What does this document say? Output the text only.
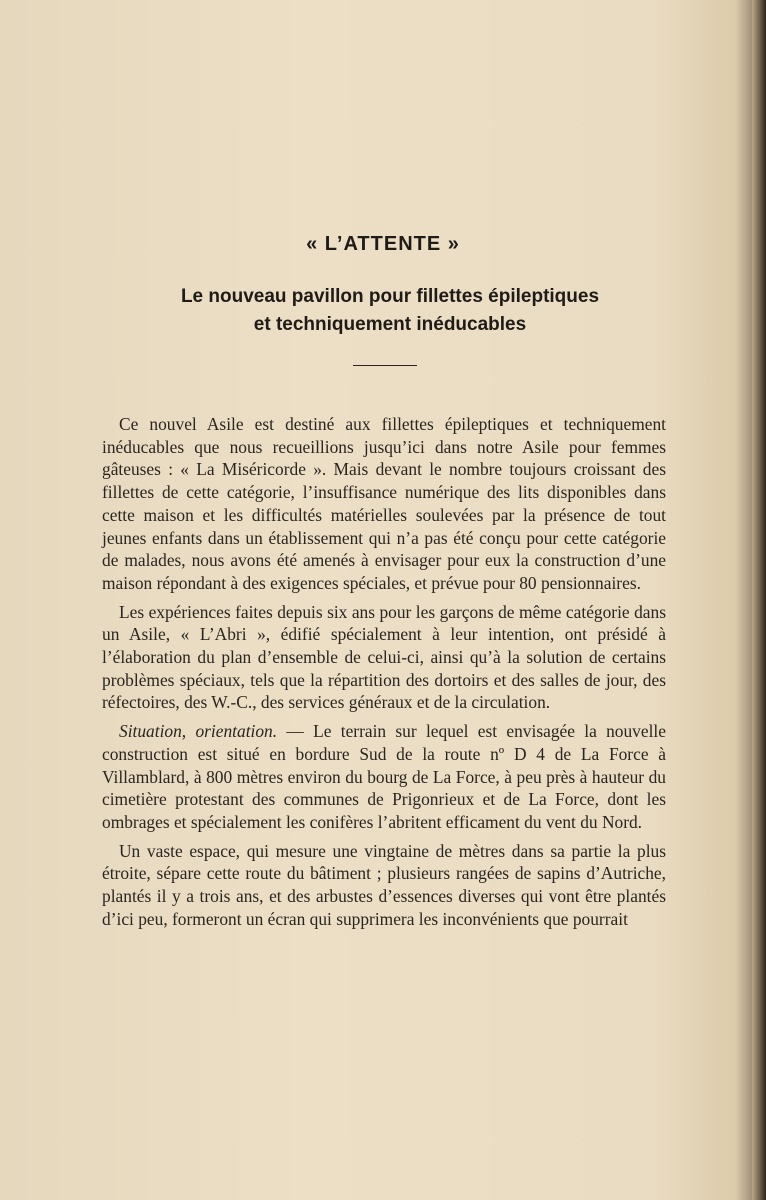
« L’ATTENTE »
Le nouveau pavillon pour fillettes épileptiques
et techniquement inéducables

Ce nouvel Asile est destiné aux fillettes épileptiques et techniquement inéducables que nous recueillions jusqu’ici dans notre Asile pour femmes gâteuses : « La Miséricorde ». Mais devant le nombre toujours croissant des fillettes de cette catégorie, l’insuffisance numérique des lits disponibles dans cette maison et les difficultés matérielles soulevées par la présence de tout jeunes enfants dans un établissement qui n’a pas été conçu pour cette catégorie de malades, nous avons été amenés à envisager pour eux la construction d’une maison répondant à des exigences spéciales, et prévue pour 80 pensionnaires.

Les expériences faites depuis six ans pour les garçons de même catégorie dans un Asile, « L’Abri », édifié spécialement à leur intention, ont présidé à l’élaboration du plan d’ensemble de celui-ci, ainsi qu’à la solution de certains problèmes spéciaux, tels que la répartition des dortoirs et des salles de jour, des réfectoires, des W.-C., des services généraux et de la circulation.

Situation, orientation. — Le terrain sur lequel est envisagée la nouvelle construction est situé en bordure Sud de la route nº D 4 de La Force à Villamblard, à 800 mètres environ du bourg de La Force, à peu près à hauteur du cimetière protestant des communes de Prigonrieux et de La Force, dont les ombrages et spécialement les conifères l’abritent efficament du vent du Nord.

Un vaste espace, qui mesure une vingtaine de mètres dans sa partie la plus étroite, sépare cette route du bâtiment ; plusieurs rangées de sapins d’Autriche, plantés il y a trois ans, et des arbustes d’essences diverses qui vont être plantés d’ici peu, formeront un écran qui supprimera les inconvénients que pourrait
